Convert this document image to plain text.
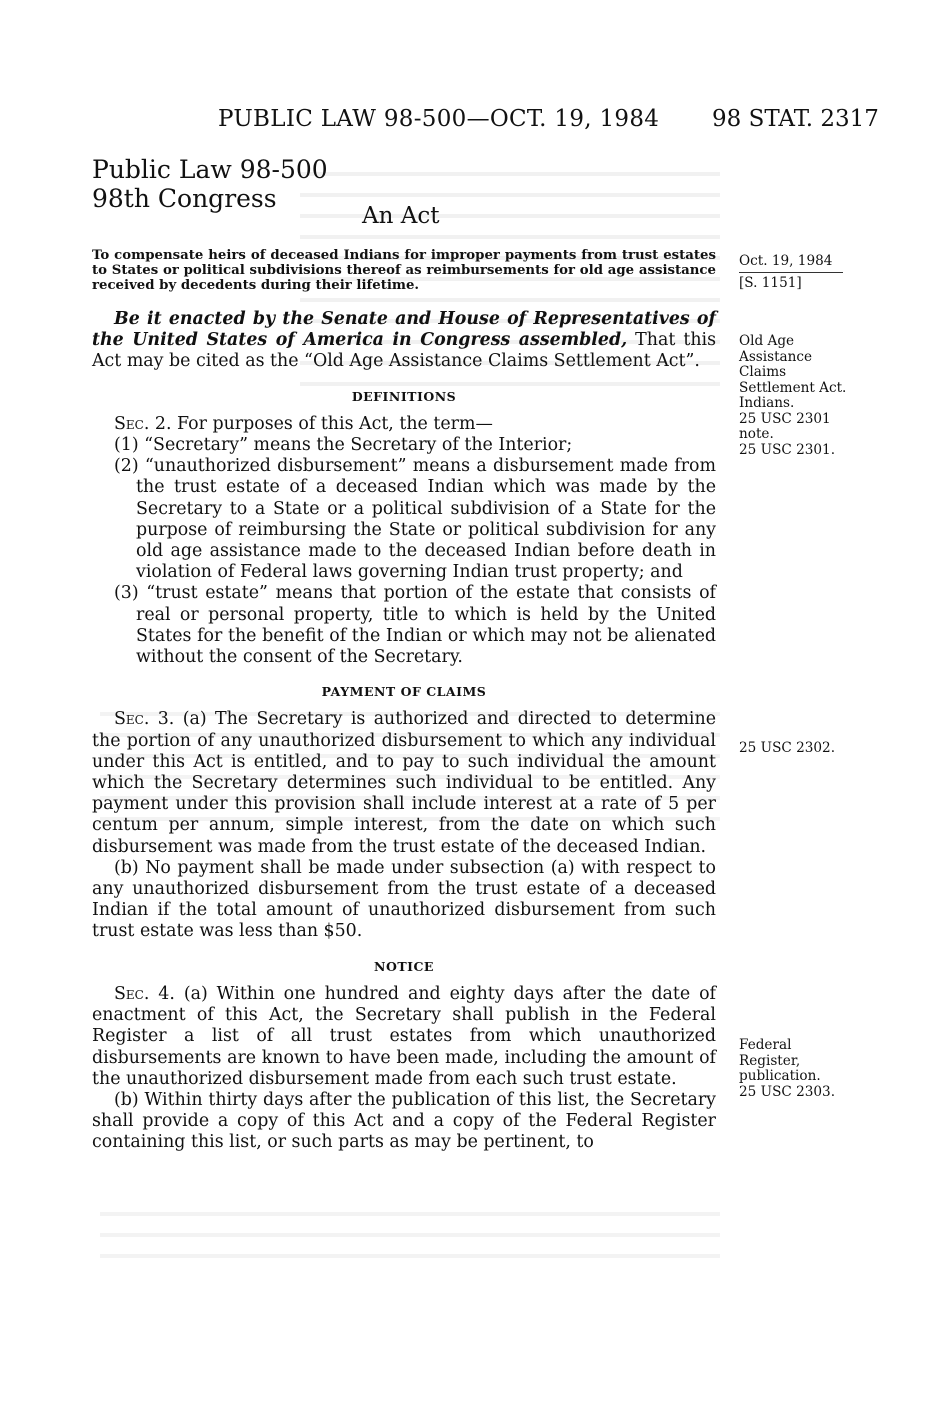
PUBLIC LAW 98-500—OCT. 19, 1984 98 STAT. 2317
Public Law 98-500
98th Congress
An Act
To compensate heirs of deceased Indians for improper payments from trust estates to States or political subdivisions thereof as reimbursements for old age assistance received by decedents during their lifetime.

Be it enacted by the Senate and House of Representatives of the United States of America in Congress assembled, That this Act may be cited as the “Old Age Assistance Claims Settlement Act”.

DEFINITIONS

Sec. 2. For purposes of this Act, the term—

(1) “Secretary” means the Secretary of the Interior;

(2) “unauthorized disbursement” means a disbursement made from the trust estate of a deceased Indian which was made by the Secretary to a State or a political subdivision of a State for the purpose of reimbursing the State or political subdivision for any old age assistance made to the deceased Indian before death in violation of Federal laws governing Indian trust property; and

(3) “trust estate” means that portion of the estate that consists of real or personal property, title to which is held by the United States for the benefit of the Indian or which may not be alienated without the consent of the Secretary.

PAYMENT OF CLAIMS

Sec. 3. (a) The Secretary is authorized and directed to determine the portion of any unauthorized disbursement to which any individual under this Act is entitled, and to pay to such individual the amount which the Secretary determines such individual to be entitled. Any payment under this provision shall include interest at a rate of 5 per centum per annum, simple interest, from the date on which such disbursement was made from the trust estate of the deceased Indian.

(b) No payment shall be made under subsection (a) with respect to any unauthorized disbursement from the trust estate of a deceased Indian if the total amount of unauthorized disbursement from such trust estate was less than $50.

NOTICE

Sec. 4. (a) Within one hundred and eighty days after the date of enactment of this Act, the Secretary shall publish in the Federal Register a list of all trust estates from which unauthorized disbursements are known to have been made, including the amount of the unauthorized disbursement made from each such trust estate.

(b) Within thirty days after the publication of this list, the Secretary shall provide a copy of this Act and a copy of the Federal Register containing this list, or such parts as may be pertinent, to

Oct. 19, 1984
[S. 1151]
Old Age
Assistance
Claims
Settlement Act.
Indians.
25 USC 2301
note.
25 USC 2301.
25 USC 2302.
Federal
Register,
publication.
25 USC 2303.
